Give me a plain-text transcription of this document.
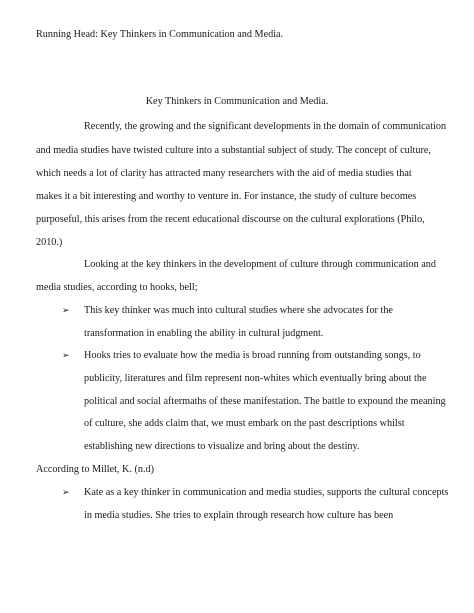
Running Head: Key Thinkers in Communication and Media.

Key Thinkers in Communication and Media.

Recently, the growing and the significant developments in the domain of communication

and media studies have twisted culture into a substantial subject of study. The concept of culture,

which needs a lot of clarity has attracted many researchers with the aid of media studies that

makes it a bit interesting and worthy to venture in. For instance, the study of culture becomes

purposeful, this arises from the recent educational discourse on the cultural explorations (Philo,

2010.)

Looking at the key thinkers in the development of culture through communication and

media studies, according to hooks, bell;

➢ This key thinker was much into cultural studies where she advocates for the

transformation in enabling the ability in cultural judgment.

➢ Hooks tries to evaluate how the media is broad running from outstanding songs, to

publicity, literatures and film represent non-whites which eventually bring about the

political and social aftermaths of these manifestation. The battle to expound the meaning

of culture, she adds claim that, we must embark on the past descriptions whilst

establishing new directions to visualize and bring about the destiny.

According to Millet, K. (n.d)

➢ Kate as a key thinker in communication and media studies, supports the cultural concepts

in media studies. She tries to explain through research how culture has been
